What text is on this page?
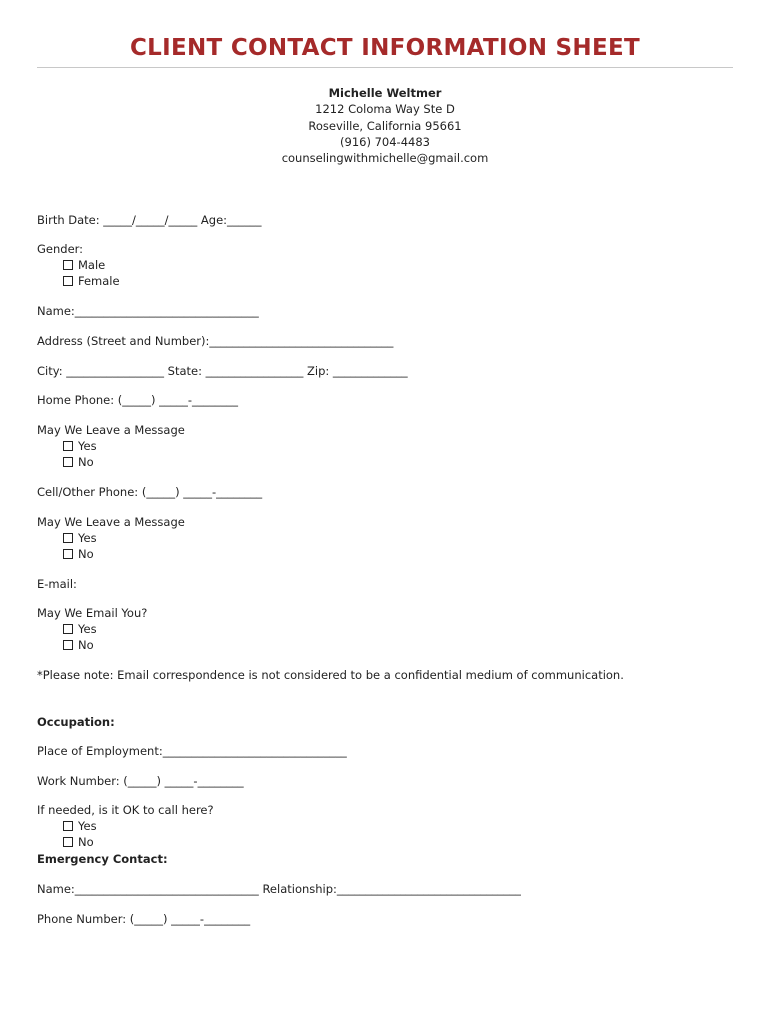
CLIENT CONTACT INFORMATION SHEET
Michelle Weltmer
1212 Coloma Way Ste D
Roseville, California 95661
(916) 704-4483
counselingwithmichelle@gmail.com
Birth Date: _____/_____/_____ Age:______
Gender:
Male
Female
Name:________________________________
Address (Street and Number):________________________________
City: _________________ State: _________________ Zip: _____________
Home Phone: (_____) _____-________
May We Leave a Message
Yes
No
Cell/Other Phone: (_____) _____-________
May We Leave a Message
Yes
No
E-mail:
May We Email You?
Yes
No
*Please note: Email correspondence is not considered to be a confidential medium of communication.
Occupation:
Place of Employment:________________________________
Work Number: (_____) _____-________
If needed, is it OK to call here?
Yes
No
Emergency Contact:
Name:________________________________ Relationship:________________________________
Phone Number: (_____) _____-________
